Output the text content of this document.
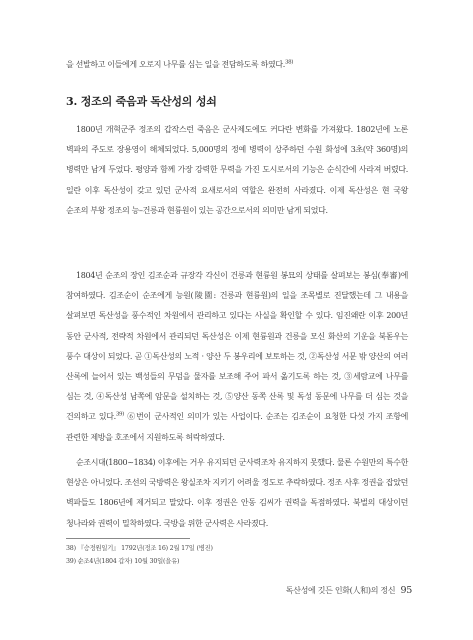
을 선발하고 이들에게 오로지 나무를 심는 일을 전담하도록 하였다.$^{38)}$

3. 정조의 죽음과 독산성의 성쇠

1800년 개혁군주 정조의 갑작스런 죽음은 군사제도에도 커다란 변화를 가져왔다. 1802년에 노론 벽파의 주도로 장용영이 해체되었다. 5,000명의 정예 병력이 상주하던 수원 화성에 3초(약 360명)의 병력만 남게 두었다. 평양과 함께 가장 강력한 무력을 가진 도시로서의 기능은 순식간에 사라져 버렸다. 일란 이후 독산성이 갖고 있던 군사적 요새로서의 역할은 완전히 사라졌다. 이제 독산성은 현 국왕 순조의 부왕 정조의 능–건릉과 현륭원이 있는 공간으로서의 의미만 남게 되었다.

1804년 순조의 장인 김조순과 규장각 각신이 건릉과 현륭원 봉묘의 상태를 살펴보는 봉심(奉審)에 참여하였다. 김조순이 순조에게 능원(陵園: 건릉과 현륭원)의 일을 조목별로 진달했는데 그 내용을 살펴보면 독산성을 풍수적인 차원에서 관리하고 있다는 사실을 확인할 수 있다. 임진왜란 이후 200년 동안 군사적, 전략적 차원에서 관리되던 독산성은 이제 현륭원과 건릉을 모신 화산의 기운을 북돋우는 풍수 대상이 되었다. 곧 ①독산성의 노적 · 양산 두 봉우리에 보토하는 것, ②독산성 서문 밖 양산의 여러 산록에 늘어서 있는 백성들의 무덤을 물자를 보조해 주어 파서 옮기도록 하는 것, ③세람교에 나무를 심는 것, ④독산성 남쪽에 암문을 설치하는 것, ⑤양산 동쪽 산록 및 독성 동문에 나무를 더 심는 것을 건의하고 있다.$^{39)}$ ⑥번이 군사적인 의미가 있는 사업이다. 순조는 김조순이 요청한 다섯 가지 조항에 관련한 제방을 호조에서 지원하도록 허락하였다.

순조시대(1800~1834) 이후에는 거우 유지되던 군사력조차 유지하지 못했다. 물론 수원만의 특수한 현상은 아니었다. 조선의 국방력은 왕실조차 지키기 어려울 정도로 추락하였다. 정조 사후 정권을 잡았던 벽파들도 1806년에 제거되고 말았다. 이후 정권은 안동 김씨가 권력을 독점하였다. 북벌의 대상이던 청나라와 권력이 밀착하였다. 국방을 위한 군사력은 사라졌다.

38) 『승정원일기』 1792년(정조 16) 2월 17일 (병진)

39) 순조4년(1804 갑자) 10월 30일(을유)

독산성에 깃든 인화(人和)의 정신 95
